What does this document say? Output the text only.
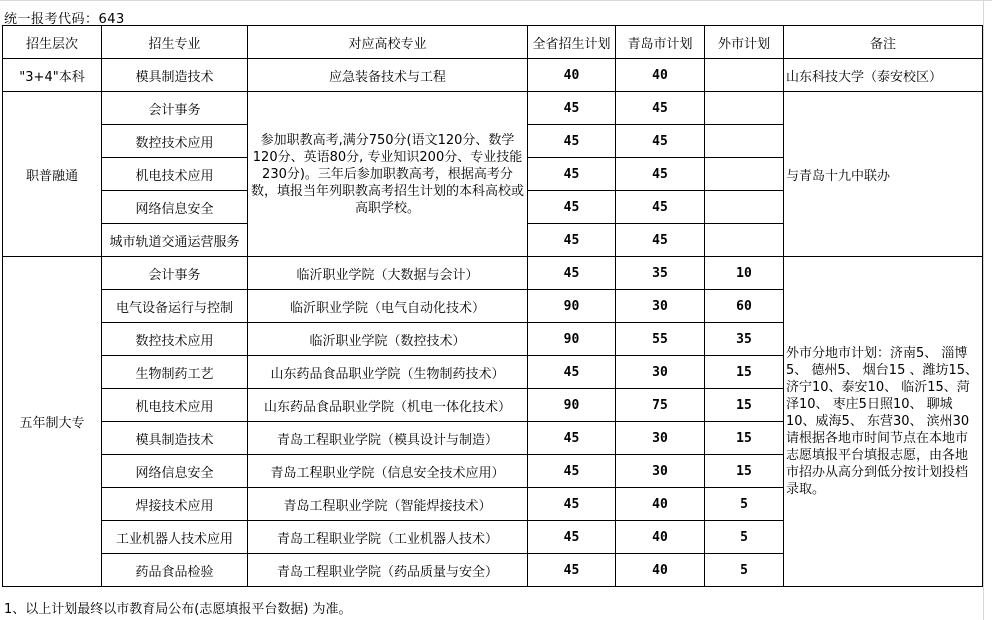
统一报考代码：643
招生层次	招生专业	对应高校专业	全省招生计划	青岛市计划	外市计划	备注
"3+4"本科	模具制造技术	应急装备技术与工程	40	40		山东科技大学（泰安校区）
职普融通	会计事务	参加职教高考,满分750分(语文120分、数学120分、英语80分, 专业知识200分、专业技能230分)。三年后参加职教高考，根据高考分数，填报当年列职教高考招生计划的本科高校或高职学校。	45	45		与青岛十九中联办
	数控技术应用		45	45		
	机电技术应用		45	45		
	网络信息安全		45	45		
	城市轨道交通运营服务		45	45		
五年制大专	会计事务	临沂职业学院（大数据与会计）	45	35	10	外市分地市计划：济南5、 淄博5、 德州5、 烟台15 、潍坊15、济宁10、泰安10、 临沂15、菏泽10、 枣庄5日照10、 聊城10、威海5、 东营30、 滨州30请根据各地市时间节点在本地市志愿填报平台填报志愿，由各地市招办从高分到低分按计划投档录取。
	电气设备运行与控制	临沂职业学院（电气自动化技术）	90	30	60	
	数控技术应用	临沂职业学院（数控技术）	90	55	35	
	生物制药工艺	山东药品食品职业学院（生物制药技术）	45	30	15	
	机电技术应用	山东药品食品职业学院（机电一体化技术）	90	75	15	
	模具制造技术	青岛工程职业学院（模具设计与制造）	45	30	15	
	网络信息安全	青岛工程职业学院（信息安全技术应用）	45	30	15	
	焊接技术应用	青岛工程职业学院（智能焊接技术）	45	40	5	
	工业机器人技术应用	青岛工程职业学院（工业机器人技术）	45	40	5	
	药品食品检验	青岛工程职业学院（药品质量与安全）	45	40	5	
1、以上计划最终以市教育局公布(志愿填报平台数据) 为准。
